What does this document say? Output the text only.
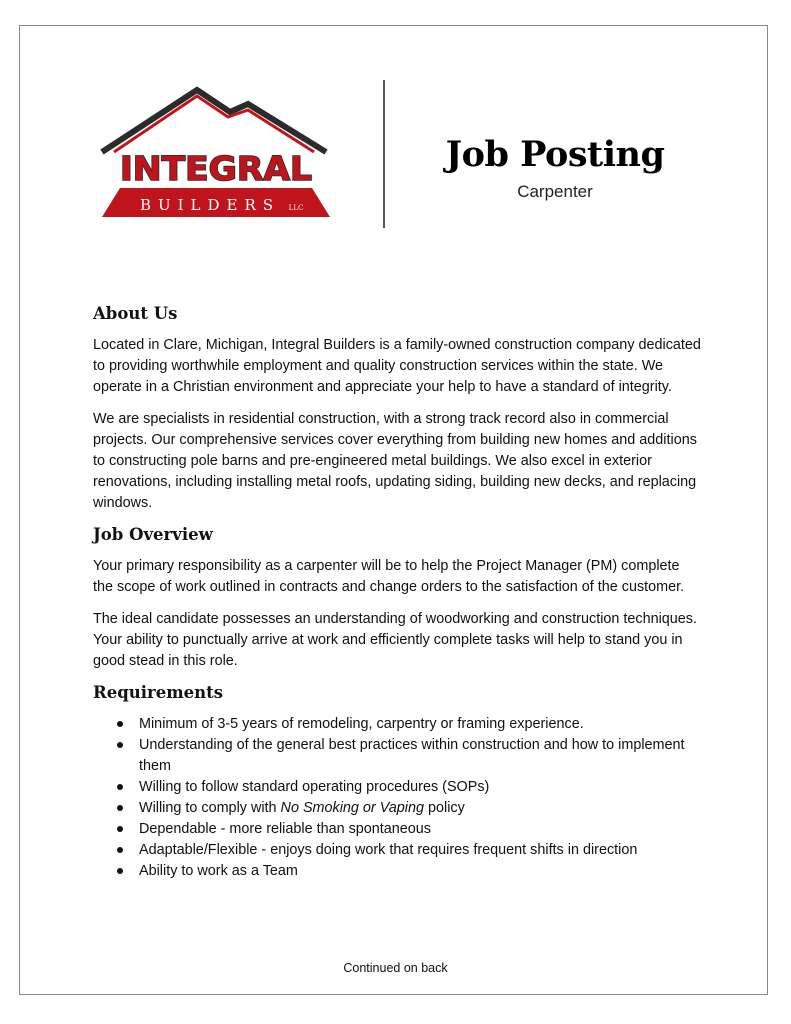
INTEGRAL
BUILDERS LLC
Job Posting
Carpenter
About Us

Located in Clare, Michigan, Integral Builders is a family-owned construction company dedicated to providing worthwhile employment and quality construction services within the state. We operate in a Christian environment and appreciate your help to have a standard of integrity.

We are specialists in residential construction, with a strong track record also in commercial projects. Our comprehensive services cover everything from building new homes and additions to constructing pole barns and pre-engineered metal buildings. We also excel in exterior renovations, including installing metal roofs, updating siding, building new decks, and replacing windows.

Job Overview

Your primary responsibility as a carpenter will be to help the Project Manager (PM) complete the scope of work outlined in contracts and change orders to the satisfaction of the customer.

The ideal candidate possesses an understanding of woodworking and construction techniques. Your ability to punctually arrive at work and efficiently complete tasks will help to stand you in good stead in this role.

Requirements
Minimum of 3-5 years of remodeling, carpentry or framing experience.
Understanding of the general best practices within construction and how to implement them
Willing to follow standard operating procedures (SOPs)
Willing to comply with No Smoking or Vaping policy
Dependable - more reliable than spontaneous
Adaptable/Flexible - enjoys doing work that requires frequent shifts in direction
Ability to work as a Team
Continued on back
